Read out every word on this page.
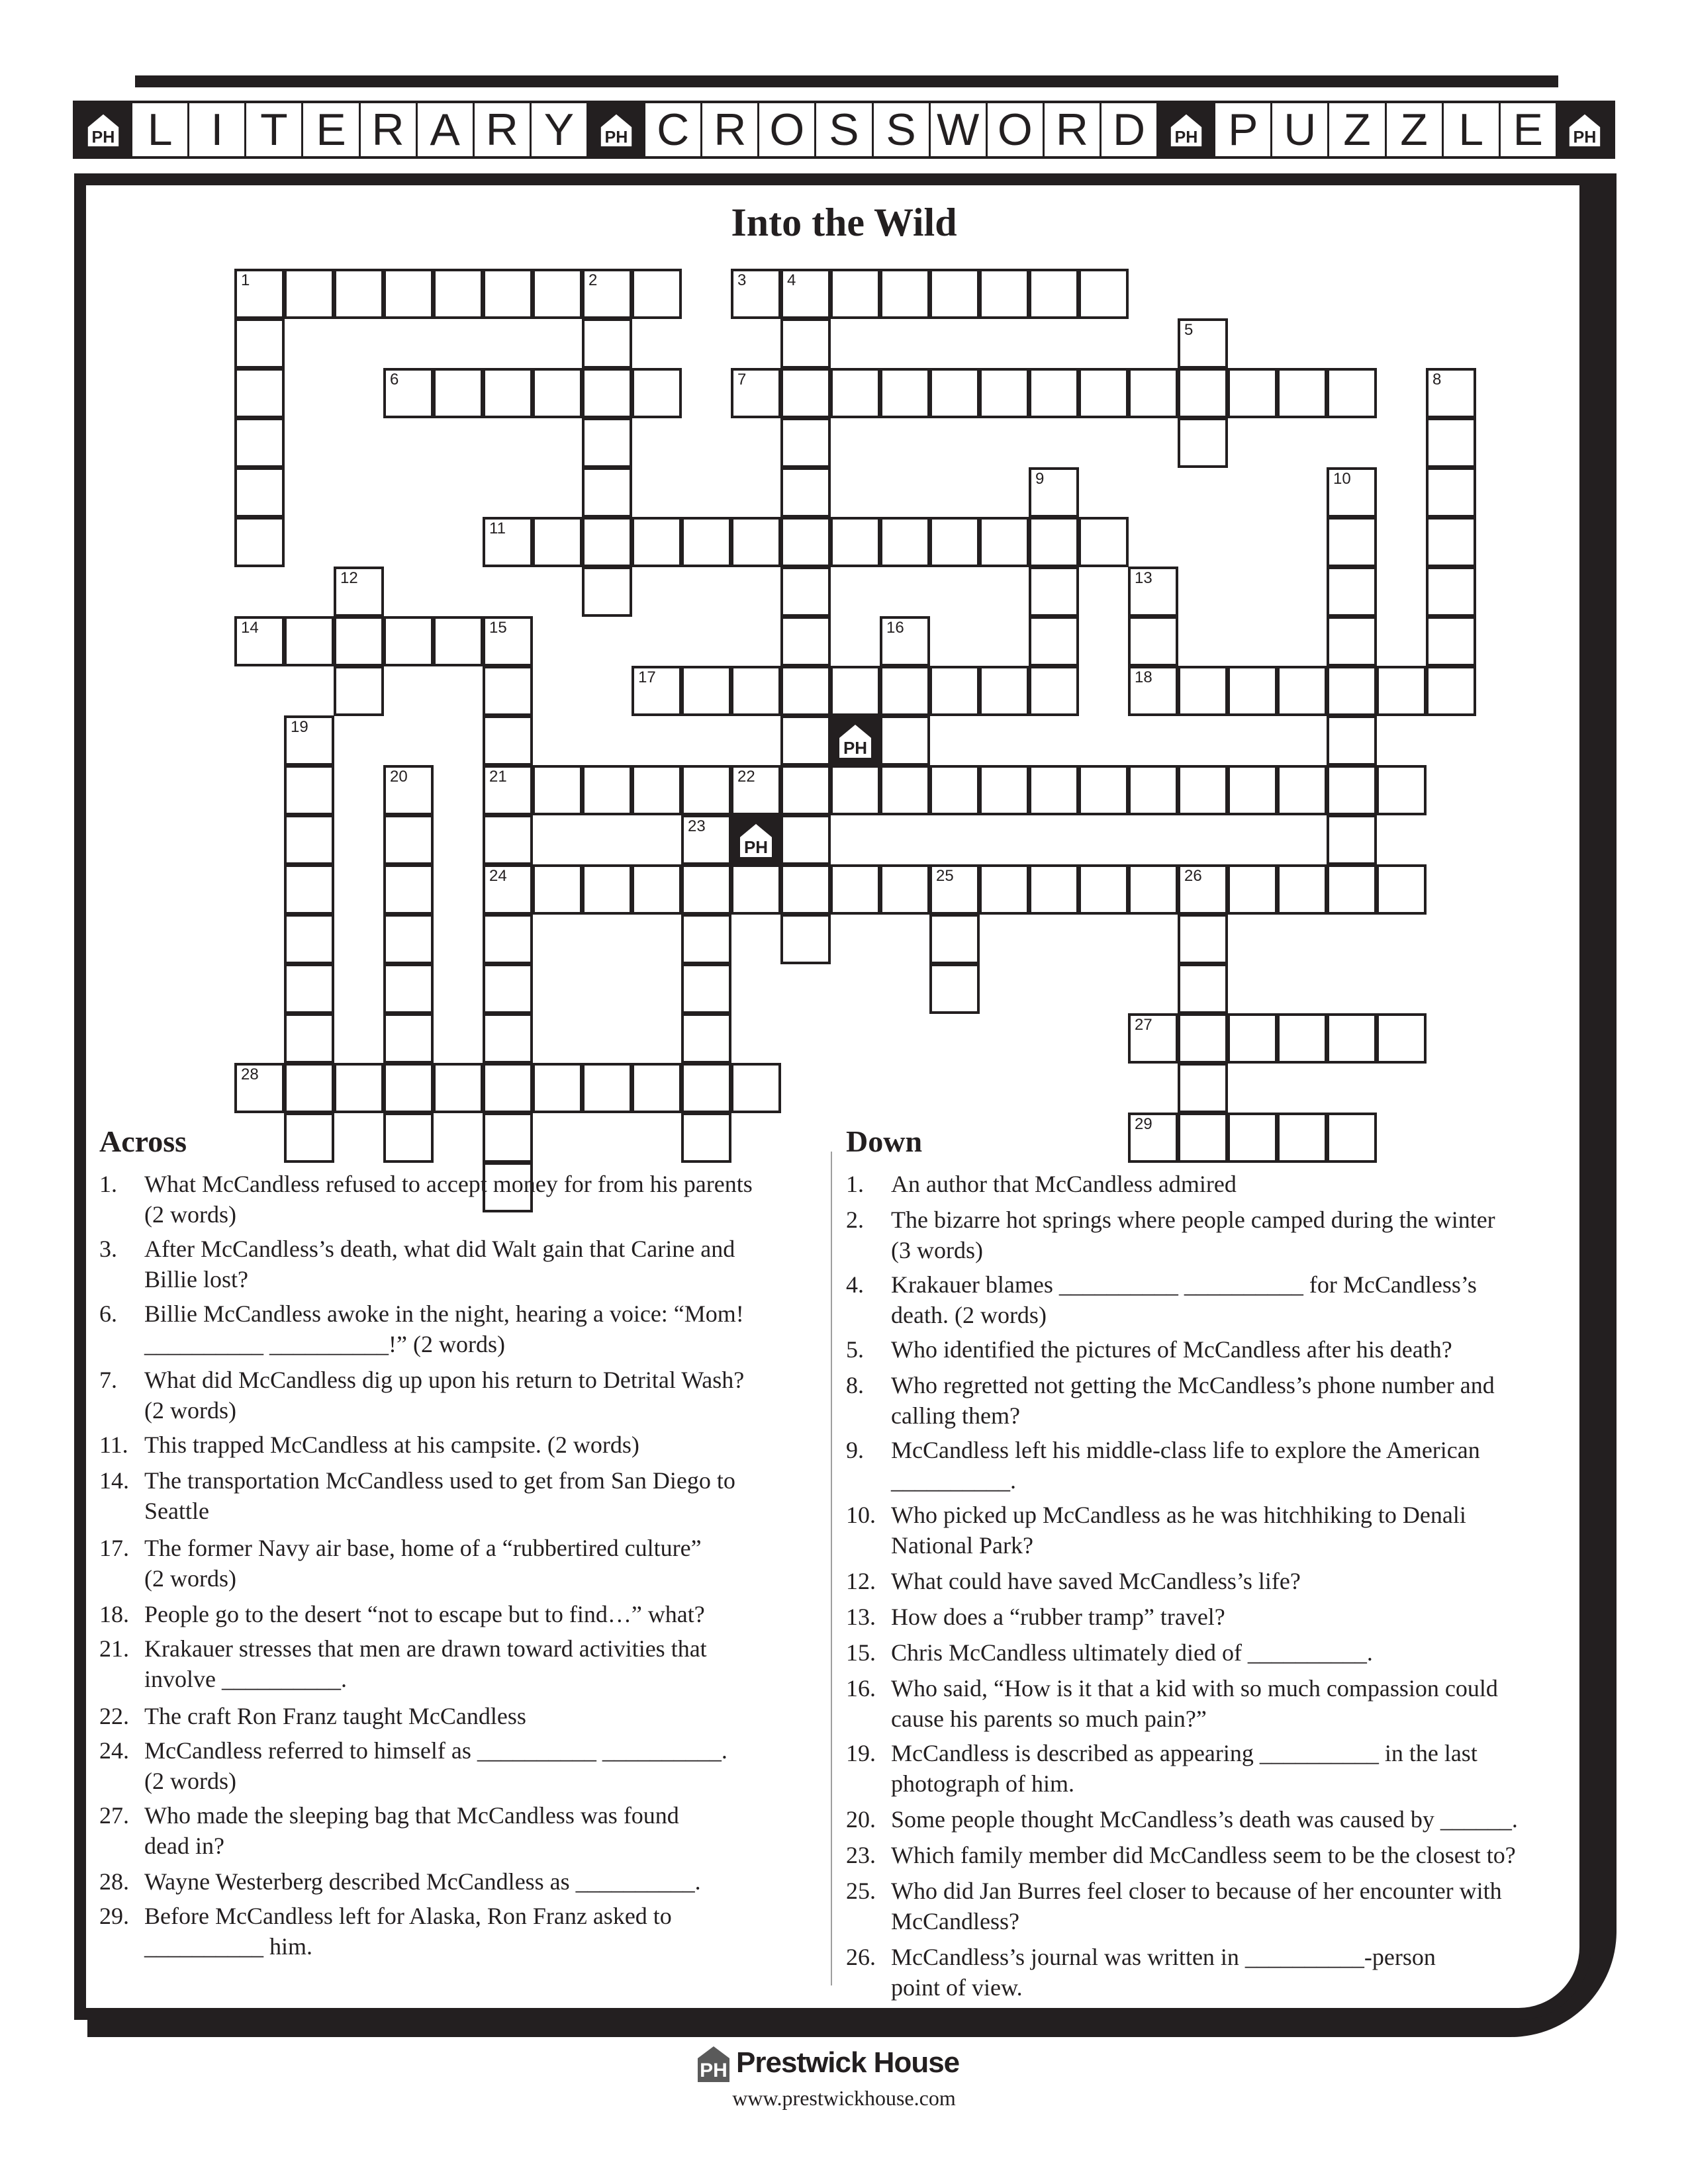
PH L I T E R A R Y	PH C R O S S W O R D	PH P U Z Z L E	PH
Into the Wild
1	2	3	4
6	7
11
14	15
17	18
21	22
24	25	26
28
27
29
5
8
9	10
12	13
16
19
20
23
PH
PH
Across
1. What McCandless refused to accept money for from his parents
(2 words)
3. After McCandless’s death, what did Walt gain that Carine and
Billie lost?
6. Billie McCandless awoke in the night, hearing a voice: “Mom!
__________ __________!” (2 words)
7. What did McCandless dig up upon his return to Detrital Wash?
(2 words)
11. This trapped McCandless at his campsite. (2 words)
14. The transportation McCandless used to get from San Diego to
Seattle
17. The former Navy air base, home of a “rubbertired culture”
(2 words)
18. People go to the desert “not to escape but to find…” what?
21. Krakauer stresses that men are drawn toward activities that
involve __________.
22. The craft Ron Franz taught McCandless
24. McCandless referred to himself as __________ __________.
(2 words)
27. Who made the sleeping bag that McCandless was found
dead in?
28. Wayne Westerberg described McCandless as __________.
29. Before McCandless left for Alaska, Ron Franz asked to
__________ him.
Down
1. An author that McCandless admired
2. The bizarre hot springs where people camped during the winter
(3 words)
4. Krakauer blames __________ __________ for McCandless’s
death. (2 words)
5. Who identified the pictures of McCandless after his death?
8. Who regretted not getting the McCandless’s phone number and
calling them?
9. McCandless left his middle-class life to explore the American
__________.
10. Who picked up McCandless as he was hitchhiking to Denali
National Park?
12. What could have saved McCandless’s life?
13. How does a “rubber tramp” travel?
15. Chris McCandless ultimately died of __________.
16. Who said, “How is it that a kid with so much compassion could
cause his parents so much pain?”
19. McCandless is described as appearing __________ in the last
photograph of him.
20. Some people thought McCandless’s death was caused by ______.
23. Which family member did McCandless seem to be the closest to?
25. Who did Jan Burres feel closer to because of her encounter with
McCandless?
26. McCandless’s journal was written in __________-person
point of view.
PH Prestwick House
www.prestwickhouse.com
